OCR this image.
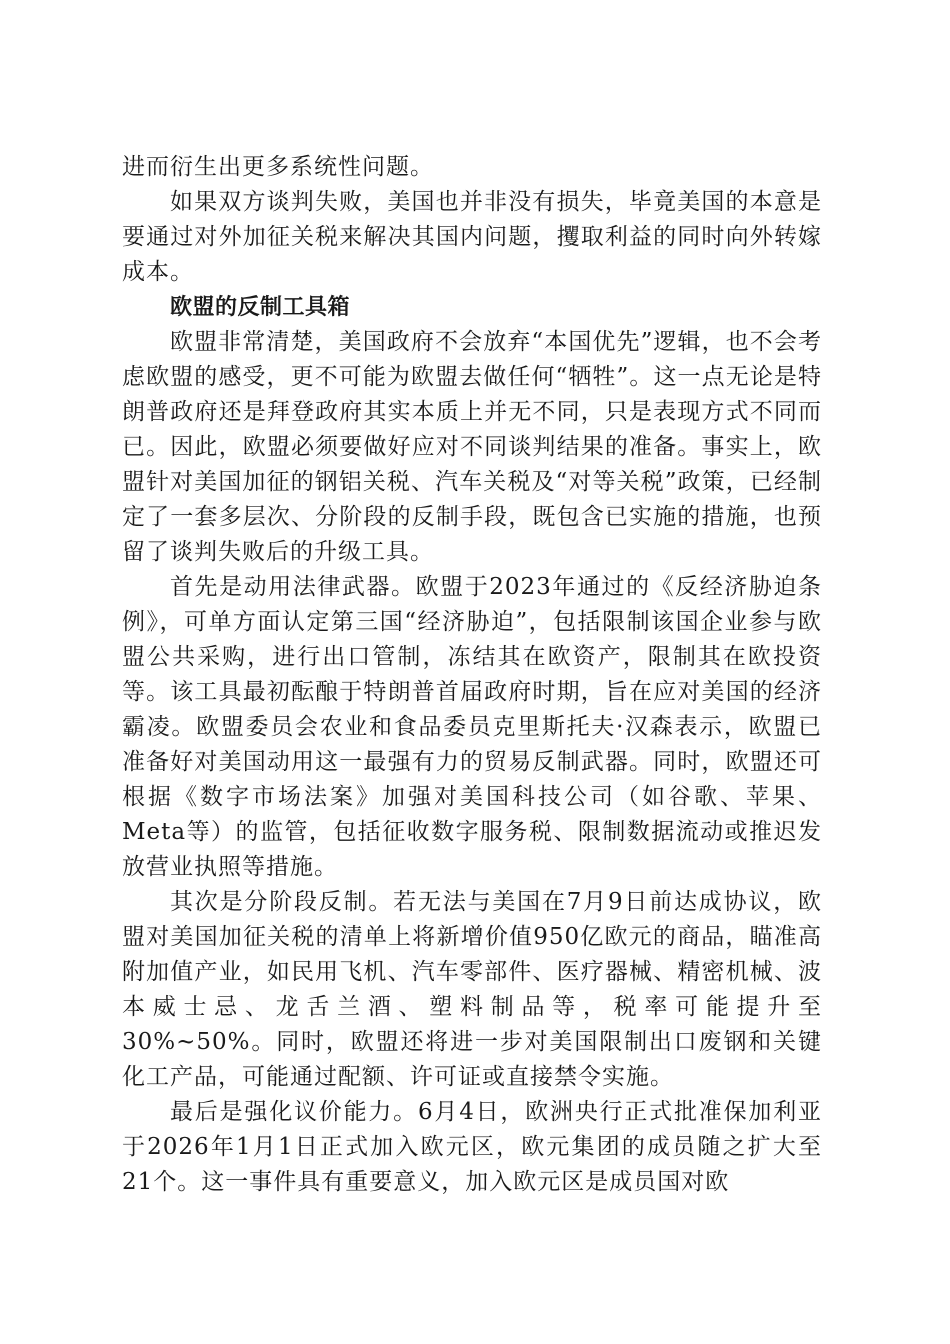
进而衍生出更多系统性问题。

如果双方谈判失败，美国也并非没有损失，毕竟美国的本意是要通过对外加征关税来解决其国内问题，攫取利益的同时向外转嫁成本。

欧盟的反制工具箱

欧盟非常清楚，美国政府不会放弃“本国优先”逻辑，也不会考虑欧盟的感受，更不可能为欧盟去做任何“牺牲”。这一点无论是特朗普政府还是拜登政府其实本质上并无不同，只是表现方式不同而已。因此，欧盟必须要做好应对不同谈判结果的准备。事实上，欧盟针对美国加征的钢铝关税、汽车关税及“对等关税”政策，已经制定了一套多层次、分阶段的反制手段，既包含已实施的措施，也预留了谈判失败后的升级工具。

首先是动用法律武器。欧盟于2023年通过的《反经济胁迫条例》，可单方面认定第三国“经济胁迫”，包括限制该国企业参与欧盟公共采购，进行出口管制，冻结其在欧资产，限制其在欧投资等。该工具最初酝酿于特朗普首届政府时期，旨在应对美国的经济霸凌。欧盟委员会农业和食品委员克里斯托夫·汉森表示，欧盟已准备好对美国动用这一最强有力的贸易反制武器。同时，欧盟还可根据《数字市场法案》加强对美国科技公司（如谷歌、苹果、Meta等）的监管，包括征收数字服务税、限制数据流动或推迟发放营业执照等措施。

其次是分阶段反制。若无法与美国在7月9日前达成协议，欧盟对美国加征关税的清单上将新增价值950亿欧元的商品，瞄准高附加值产业，如民用飞机、汽车零部件、医疗器械、精密机械、波本威士忌、龙舌兰酒、塑料制品等，税率可能提升至30%~50%。同时，欧盟还将进一步对美国限制出口废钢和关键化工产品，可能通过配额、许可证或直接禁令实施。

最后是强化议价能力。6月4日，欧洲央行正式批准保加利亚于2026年1月1日正式加入欧元区，欧元集团的成员随之扩大至21个。这一事件具有重要意义，加入欧元区是成员国对欧
